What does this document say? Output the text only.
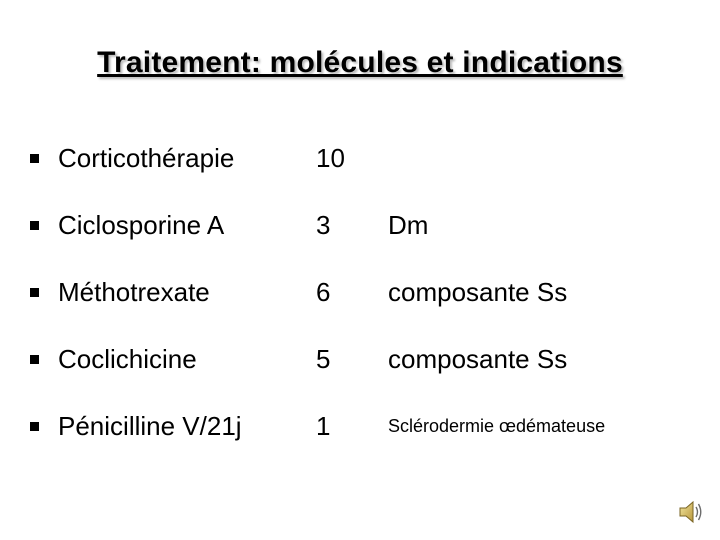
Traitement: molécules et indications
Corticothérapie	10
Ciclosporine A	3 Dm
Méthotrexate	6 composante Ss
Coclichicine	5 composante Ss
Pénicilline V/21j	1	Sclérodermie œdémateuse
